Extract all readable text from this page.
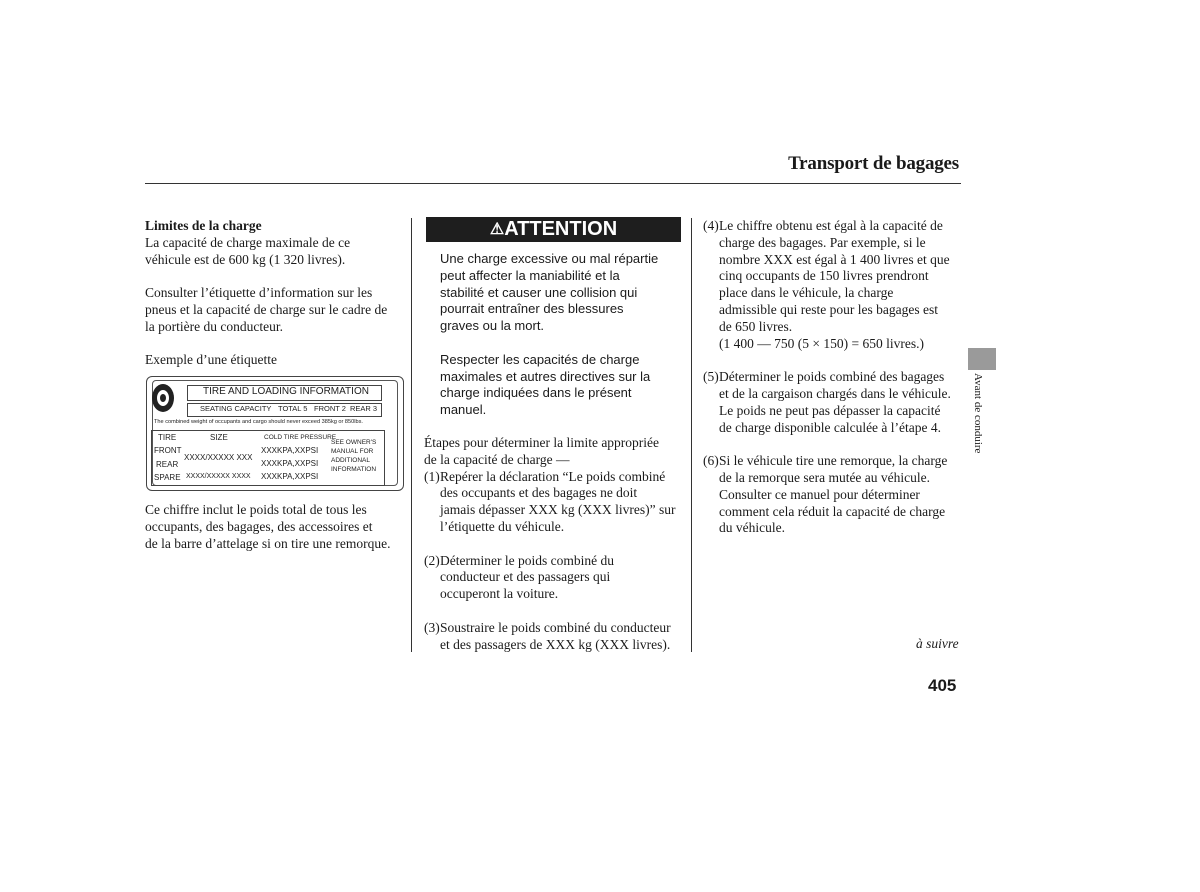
Transport de bagages
Limites de la charge
La capacité de charge maximale de ce
véhicule est de 600 kg (1 320 livres).
Consulter l’étiquette d’information sur les
pneus et la capacité de charge sur le cadre de
la portière du conducteur.
Exemple d’une étiquette
TIRE AND LOADING INFORMATION
SEATING CAPACITY TOTAL 5 FRONT 2 REAR 3
The combined weight of occupants and cargo should never exceed 385kg or 850lbs.
TIRE	SIZE	COLD TIRE PRESSURE
FRONT
REAR
SPARE
XXXX/XXXXX XXX
XXXX/XXXXX XXXX
XXXKPA,XXPSI
XXXKPA,XXPSI
XXXKPA,XXPSI
SEE OWNER'S
MANUAL FOR
ADDITIONAL
INFORMATION
Ce chiffre inclut le poids total de tous les
occupants, des bagages, des accessoires et
de la barre d’attelage si on tire une remorque.
⚠ATTENTION
Une charge excessive ou mal répartie
peut affecter la maniabilité et la
stabilité et causer une collision qui
pourrait entraîner des blessures
graves ou la mort.
Respecter les capacités de charge
maximales et autres directives sur la
charge indiquées dans le présent
manuel.
Étapes pour déterminer la limite appropriée
de la capacité de charge —
(1) Repérer la déclaration “Le poids combiné
des occupants et des bagages ne doit
jamais dépasser XXX kg (XXX livres)” sur
l’étiquette du véhicule.
(2) Déterminer le poids combiné du
conducteur et des passagers qui
occuperont la voiture.
(3) Soustraire le poids combiné du conducteur
et des passagers de XXX kg (XXX livres).
(4) Le chiffre obtenu est égal à la capacité de
charge des bagages. Par exemple, si le
nombre XXX est égal à 1 400 livres et que
cinq occupants de 150 livres prendront
place dans le véhicule, la charge
admissible qui reste pour les bagages est
de 650 livres.
(1 400 — 750 (5 × 150) = 650 livres.)
(5) Déterminer le poids combiné des bagages
et de la cargaison chargés dans le véhicule.
Le poids ne peut pas dépasser la capacité
de charge disponible calculée à l’étape 4.
(6) Si le véhicule tire une remorque, la charge
de la remorque sera mutée au véhicule.
Consulter ce manuel pour déterminer
comment cela réduit la capacité de charge
du véhicule.
à suivre
Avant de conduire
405
